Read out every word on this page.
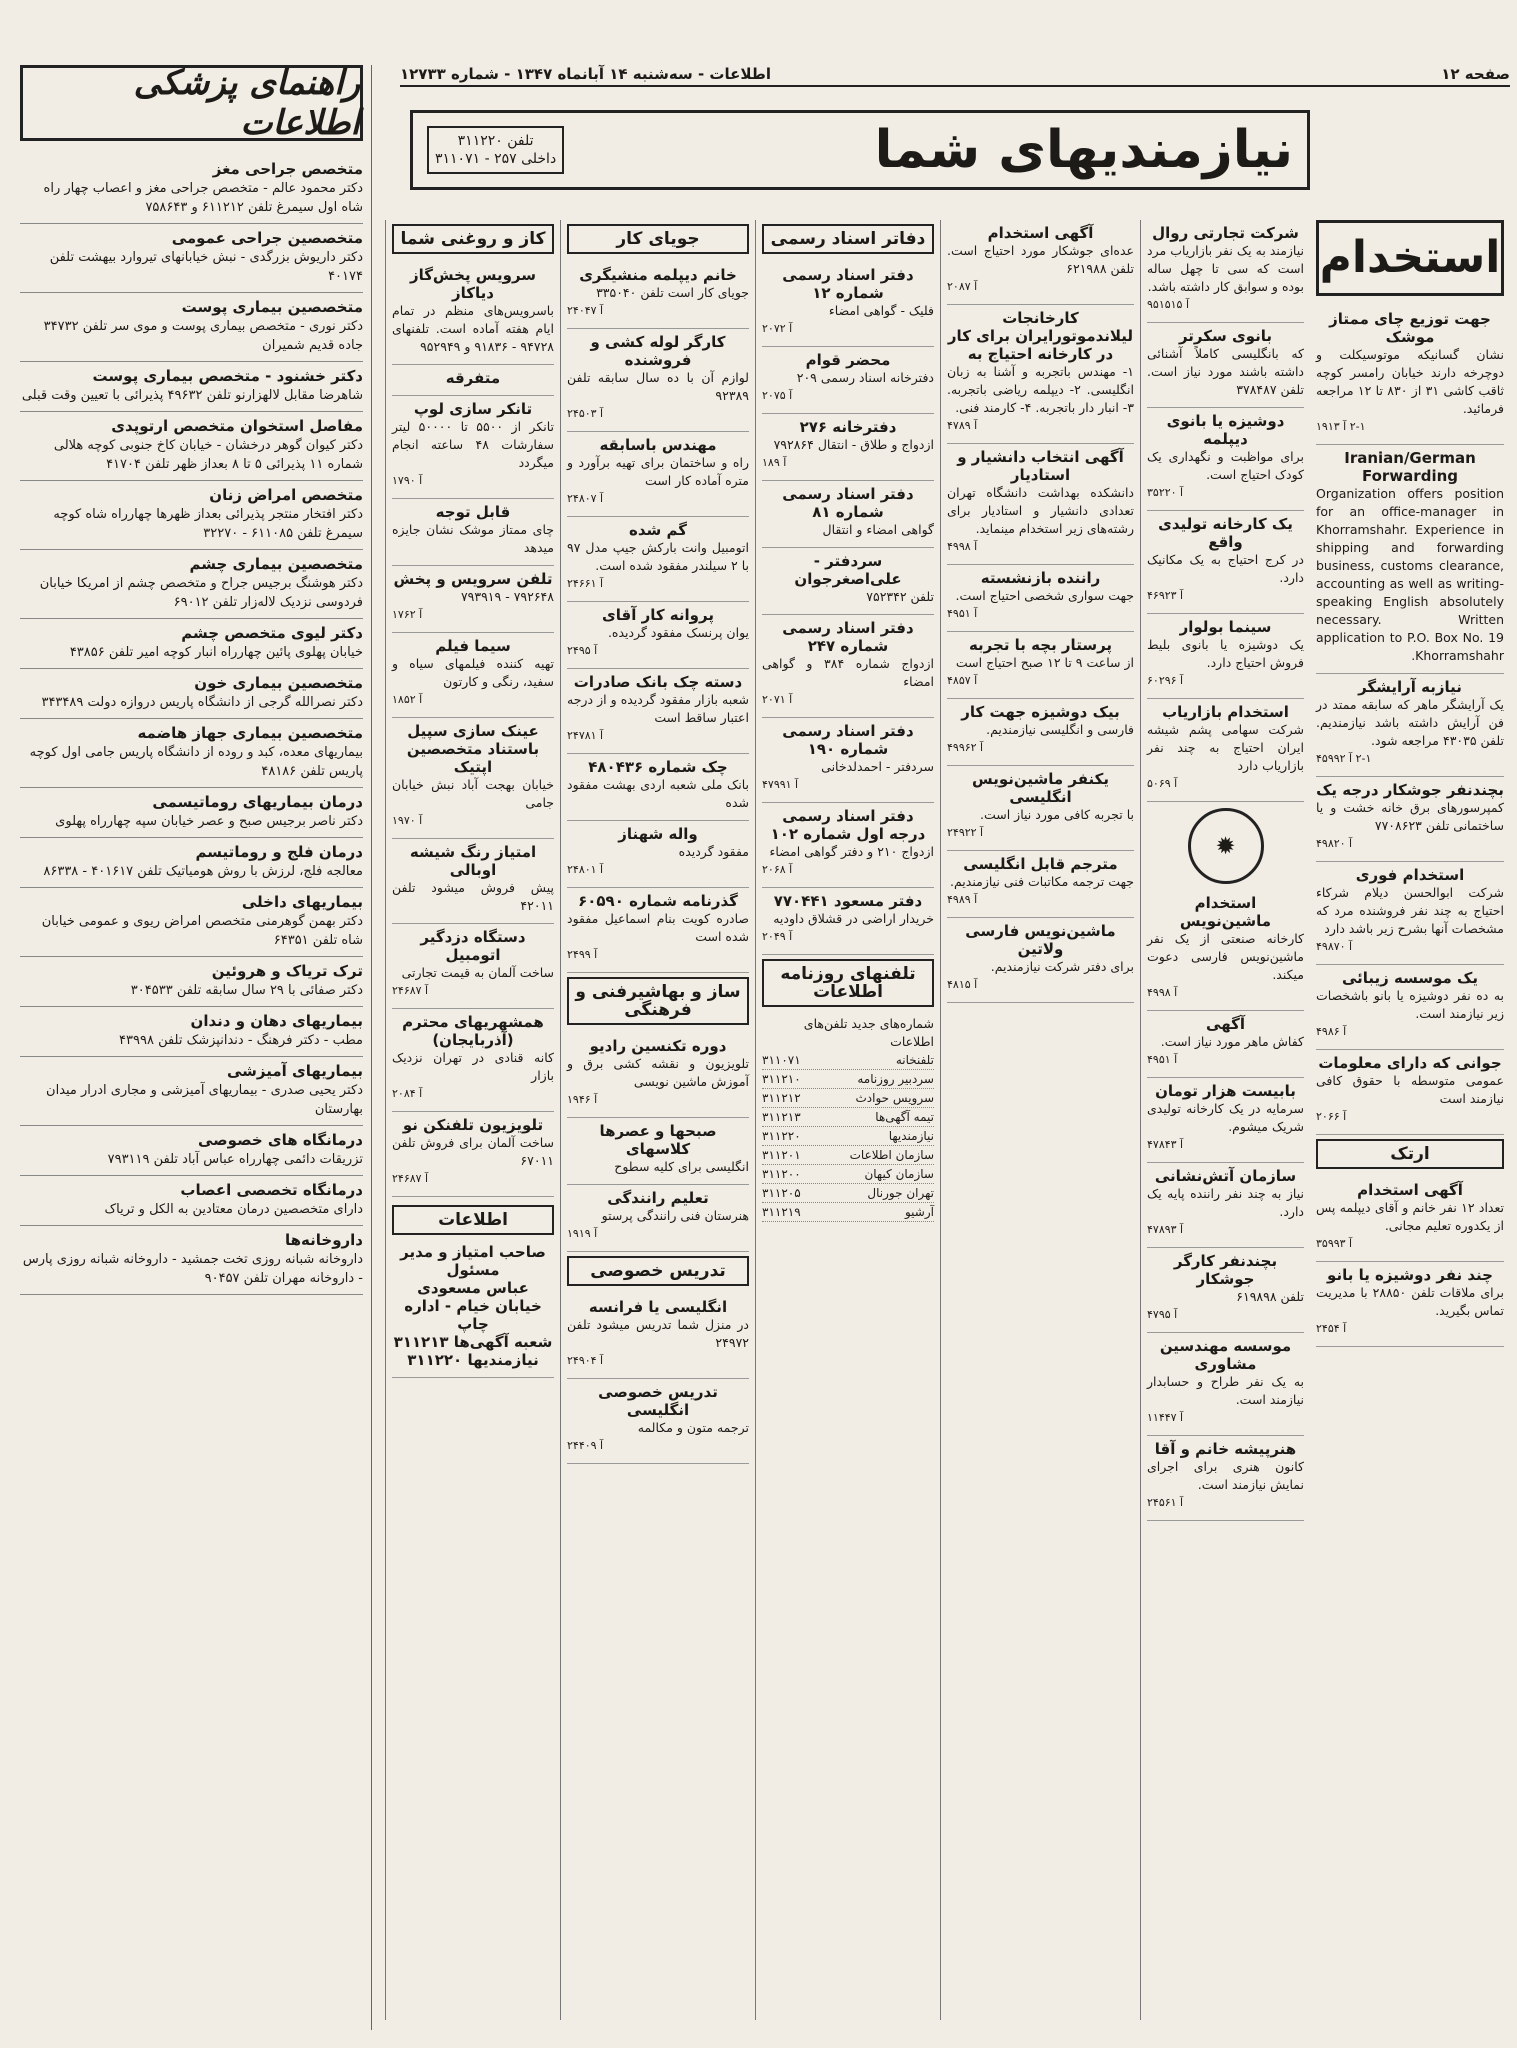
صفحه ۱۲
اطلاعات - سه‌شنبه ۱۴ آبانماه ۱۳۴۷ - شماره ۱۲۷۳۳
نیازمندیهای شما
تلفن ۳۱۱۲۲۰
داخلی ۲۵۷ - ۳۱۱۰۷۱
راهنمای پزشکی اطلاعات
متخصص جراحی مغز
دکتر محمود عالم - متخصص جراحی مغز و اعصاب چهار راه شاه اول سیمرغ تلفن ۶۱۱۲۱۲ و ۷۵۸۶۴۳
متخصصین جراحی عمومی
دکتر داریوش بزرگدی - نبش خیابانهای تیروارد بیهشت تلفن ۴۰۱۷۴
متخصصین بیماری پوست
دکتر نوری - متخصص بیماری پوست و موی سر تلفن ۳۴۷۳۲ جاده قدیم شمیران
دکتر خشنود - متخصص بیماری پوست
شاهرضا مقابل لالهزارنو تلفن ۴۹۶۳۲ پذیرائی با تعیین وقت قبلی
مفاصل استخوان متخصص ارتوپدی
دکتر کیوان گوهر درخشان - خیابان کاخ جنوبی کوچه هلالی شماره ۱۱ پذیرائی ۵ تا ۸ بعداز ظهر تلفن ۴۱۷۰۴
متخصص امراض زنان
دکتر افتخار منتجر پذیرائی بعداز ظهرها چهارراه شاه کوچه سیمرغ تلفن ۶۱۱۰۸۵ - ۳۲۲۷۰
متخصصین بیماری چشم
دکتر هوشنگ برجیس جراح و متخصص چشم از امریکا خیابان فردوسی نزدیک لاله‌زار تلفن ۶۹۰۱۲
دکتر لیوی متخصص چشم
خیابان پهلوی پائین چهارراه انبار کوچه امیر تلفن ۴۳۸۵۶
متخصصین بیماری خون
دکتر نصرالله گرجی از دانشگاه پاریس دروازه دولت ۳۴۳۴۸۹
متخصصین بیماری جهاز هاضمه
بیماریهای معده، کبد و روده از دانشگاه پاریس جامی اول کوچه پاریس تلفن ۴۸۱۸۶
درمان بیماریهای روماتیسمی
دکتر ناصر برجیس صبح و عصر خیابان سپه چهارراه پهلوی
درمان فلج و روماتیسم
معالجه فلج، لرزش با روش هومیاتیک تلفن ۴۰۱۶۱۷ - ۸۶۳۳۸
بیماریهای داخلی
دکتر بهمن گوهرمنی متخصص امراض ریوی و عمومی خیابان شاه تلفن ۶۴۳۵۱
ترک تریاک و هروئین
دکتر صفائی با ۲۹ سال سابقه تلفن ۳۰۴۵۳۳
بیماریهای دهان و دندان
مطب - دکتر فرهنگ - دندانپزشک تلفن ۴۳۹۹۸
بیماریهای آمیزشی
دکتر یحیی صدری - بیماریهای آمیزشی و مجاری ادرار میدان بهارستان
درمانگاه های خصوصی
تزریقات دائمی چهارراه عباس آباد تلفن ۷۹۳۱۱۹
درمانگاه تخصصی اعصاب
دارای متخصصین درمان معتادین به الکل و تریاک
داروخانه‌ها
داروخانه شبانه روزی تخت جمشید - داروخانه شبانه روزی پارس - داروخانه مهران تلفن ۹۰۴۵۷
استخدام
جهت توزیع چای ممتاز موشک
نشان گسانیکه موتوسیکلت و دوچرخه دارند خیابان رامسر کوچه ثاقب کاشی ۳۱ از ۸۳۰ تا ۱۲ مراجعه فرمائید.
۲-۱ آ ۱۹۱۳
Iranian/German Forwarding
Organization offers position for an office-manager in Khorramshahr. Experience in shipping and forwarding business, customs clearance, accounting as well as writing-speaking English absolutely necessary. Written application to P.O. Box No. 19 Khorramshahr.
نیازبه آرایشگر
یک آرایشگر ماهر که سابقه ممتد در فن آرایش داشته باشد نیازمندیم. تلفن ۴۳۰۳۵ مراجعه شود.
۲-۱ آ ۴۵۹۹۲
بچندنفر جوشکار درجه یک
کمپرسورهای برق خانه خشت و یا ساختمانی تلفن ۷۷۰۸۶۲۳
آ ۴۹۸۲۰
استخدام فوری
شرکت ابوالحسن دیلام شرکاء احتیاج به چند نفر فروشنده مرد که مشخصات آنها بشرح زیر باشد دارد
آ ۴۹۸۷۰
یک موسسه زیبائی
به ده نفر دوشیزه یا بانو باشخصات زیر نیازمند است.
آ ۴۹۸۶
جوانی که دارای معلومات
عمومی متوسطه با حقوق کافی نیازمند است
آ ۲۰۶۶
ارتک
آگهی استخدام
تعداد ۱۲ نفر خانم و آقای دیپلمه پس از یکدوره تعلیم مجانی.
آ ۳۵۹۹۳
چند نفر دوشیزه یا بانو
برای ملاقات تلفن ۲۸۸۵۰ با مدیریت تماس بگیرید.
آ ۲۴۵۴
شرکت تجارتی روال
نیازمند به یک نفر بازاریاب مرد است که سی تا چهل ساله بوده و سوابق کار داشته باشد.
آ ۹۵۱۵۱۵
بانوی سکرتر
که بانگلیسی کاملاً آشنائی داشته باشند مورد نیاز است. تلفن ۳۷۸۴۸۷
دوشیزه یا بانوی دیپلمه
برای مواظبت و نگهداری یک کودک احتیاج است.
آ ۳۵۲۲۰
یک کارخانه تولیدی واقع
در کرج احتیاج به یک مکانیک دارد.
آ ۴۶۹۲۳
سینما بولوار
یک دوشیزه یا بانوی بلیط فروش احتیاج دارد.
آ ۶۰۲۹۶
استخدام بازاریاب
شرکت سهامی پشم شیشه ایران احتیاج به چند نفر بازاریاب دارد
آ ۵۰۶۹
✹
استخدام ماشین‌نویس
کارخانه صنعتی از یک نفر ماشین‌نویس فارسی دعوت میکند.
آ ۴۹۹۸
آگهی
کفاش ماهر مورد نیاز است.
آ ۴۹۵۱
بابیست هزار تومان
سرمایه در یک کارخانه تولیدی شریک میشوم.
آ ۴۷۸۴۳
سازمان آتش‌نشانی
نیاز به چند نفر راننده پایه یک دارد.
آ ۴۷۸۹۳
بچندنفر کارگر جوشکار
تلفن ۶۱۹۸۹۸
آ ۴۷۹۵
موسسه مهندسین مشاوری
به یک نفر طراح و حسابدار نیازمند است.
آ ۱۱۴۴۷
هنرپیشه خانم و آقا
کانون هنری برای اجرای نمایش نیازمند است.
آ ۲۴۵۶۱
آگهی استخدام
عده‌ای جوشکار مورد احتیاج است. تلفن ۶۲۱۹۸۸
آ ۲۰۸۷
کارخانجات لیلاندموتورایران برای کار در کارخانه احتیاج به
۱- مهندس باتجربه و آشنا به زبان انگلیسی. ۲- دیپلمه ریاضی باتجربه. ۳- انبار دار باتجربه. ۴- کارمند فنی.
آ ۴۷۸۹
آگهی انتخاب دانشیار و استادیار
دانشکده بهداشت دانشگاه تهران تعدادی دانشیار و استادیار برای رشته‌های زیر استخدام مینماید.
آ ۴۹۹۸
راننده بازنشسته
جهت سواری شخصی احتیاج است.
آ ۴۹۵۱
پرستار بچه با تجربه
از ساعت ۹ تا ۱۲ صبح احتیاج است
آ ۴۸۵۷
بیک دوشیزه جهت کار
فارسی و انگلیسی نیازمندیم.
آ ۴۹۹۶۲
یکنفر ماشین‌نویس انگلیسی
با تجربه کافی مورد نیاز است.
آ ۲۴۹۲۲
مترجم قابل انگلیسی
جهت ترجمه مکاتبات فنی نیازمندیم.
آ ۴۹۸۹
ماشین‌نویس فارسی ولاتین
برای دفتر شرکت نیازمندیم.
آ ۴۸۱۵
دفاتر اسناد رسمی
دفتر اسناد رسمی شماره ۱۲
فلیک - گواهی امضاء
آ ۲۰۷۲
محضر قوام
دفترخانه اسناد رسمی ۲۰۹
آ ۲۰۷۵
دفترخانه ۲۷۶
ازدواج و طلاق - انتقال ۷۹۲۸۶۴
آ ۱۸۹
دفتر اسناد رسمی شماره ۸۱
گواهی امضاء و انتقال
سردفتر - علی‌اصغرجوان
تلفن ۷۵۲۳۴۲
دفتر اسناد رسمی شماره ۲۴۷
ازدواج شماره ۳۸۴ و گواهی امضاء
آ ۲۰۷۱
دفتر اسناد رسمی شماره ۱۹۰
سردفتر - احمدلدخانی
آ ۴۷۹۹۱
دفتر اسناد رسمی درجه اول شماره ۱۰۲
ازدواج ۲۱۰ و دفتر گواهی امضاء
آ ۲۰۶۸
دفتر مسعود ۷۷۰۴۴۱
خریدار اراضی در قشلاق داودیه
آ ۲۰۴۹
تلفنهای روزنامه اطلاعات
شماره‌های جدید تلفن‌های اطلاعات
تلفنخانه
۳۱۱۰۷۱
سردبیر روزنامه
۳۱۱۲۱۰
سرویس حوادث
۳۱۱۲۱۲
تیمه آگهی‌ها
۳۱۱۲۱۳
نیازمندیها
۳۱۱۲۲۰
سازمان اطلاعات
۳۱۱۲۰۱
سازمان کیهان
۳۱۱۲۰۰
تهران جورنال
۳۱۱۲۰۵
آرشیو
۳۱۱۲۱۹
جویای کار
خانم دیپلمه منشیگری
جویای کار است تلفن ۳۳۵۰۴۰
آ ۲۴۰۴۷
کارگر لوله کشی و فروشنده
لوازم آن با ده سال سابقه تلفن ۹۲۳۸۹
آ ۲۴۵۰۳
مهندس باسابقه
راه و ساختمان برای تهیه برآورد و متره آماده کار است
آ ۲۴۸۰۷
گم شده
اتومبیل وانت بارکش جیپ مدل ۹۷ با ۲ سیلندر مفقود شده است.
آ ۲۴۶۶۱
پروانه کار آقای
یوان پرنسک مفقود گردیده.
آ ۲۴۹۵
دسته چک بانک صادرات
شعبه بازار مفقود گردیده و از درجه اعتبار ساقط است
آ ۲۴۷۸۱
چک شماره ۴۸۰۴۳۶
بانک ملی شعبه اردی بهشت مفقود شده
واله شهناز
مفقود گردیده
آ ۲۴۸۰۱
گذرنامه شماره ۶۰۵۹۰
صادره کویت بنام اسماعیل مفقود شده است
آ ۲۴۹۹
ساز و بهاشیرفنی و فرهنگی
دوره تکنسین رادیو
تلویزیون و نقشه کشی برق و آموزش ماشین نویسی
آ ۱۹۴۶
صبحها و عصرها کلاسهای
انگلیسی برای کلیه سطوح
تعلیم رانندگی
هنرستان فنی رانندگی پرستو
آ ۱۹۱۹
تدریس خصوصی
انگلیسی یا فرانسه
در منزل شما تدریس میشود تلفن ۲۴۹۷۲
آ ۲۴۹۰۴
تدریس خصوصی انگلیسی
ترجمه متون و مکالمه
آ ۲۴۴۰۹
کاز و روغنی شما
سرویس پخش‌گاز دیاکاز
باسرویس‌های منظم در تمام ایام هفته آماده است. تلفنهای ۹۴۷۲۸ - ۹۱۸۳۶ و ۹۵۲۹۴۹
متفرقه
تانکر سازی لوپ
تانکر از ۵۵۰۰ تا ۵۰۰۰۰ لیتر سفارشات ۴۸ ساعته انجام میگردد
آ ۱۷۹۰
قابل توجه
چای ممتاز موشک نشان جایزه میدهد
تلفن سرویس و پخش
۷۹۲۶۴۸ - ۷۹۳۹۱۹
آ ۱۷۶۲
سیما فیلم
تهیه کننده فیلمهای سیاه و سفید، رنگی و کارتون
آ ۱۸۵۲
عینک سازی سپیل باستناد متخصصین اپتیک
خیابان بهجت آباد نبش خیابان جامی
آ ۱۹۷۰
امتیاز رنگ شیشه اوبالی
پیش فروش میشود تلفن ۴۲۰۱۱
دستگاه دزدگیر اتومبیل
ساخت آلمان به قیمت تجارتی
آ ۲۴۶۸۷
همشهریهای محترم (آذربایجان)
کانه قنادی در تهران نزدیک بازار
آ ۲۰۸۴
تلویزیون تلفنکن نو
ساخت آلمان برای فروش تلفن ۶۷۰۱۱
آ ۲۴۶۸۷
اطلاعات
صاحب امتیاز و مدیر مسئول
عباس مسعودی
خیابان خیام - اداره چاپ
شعبه آگهی‌ها ۳۱۱۲۱۳
نیازمندیها ۳۱۱۲۲۰
